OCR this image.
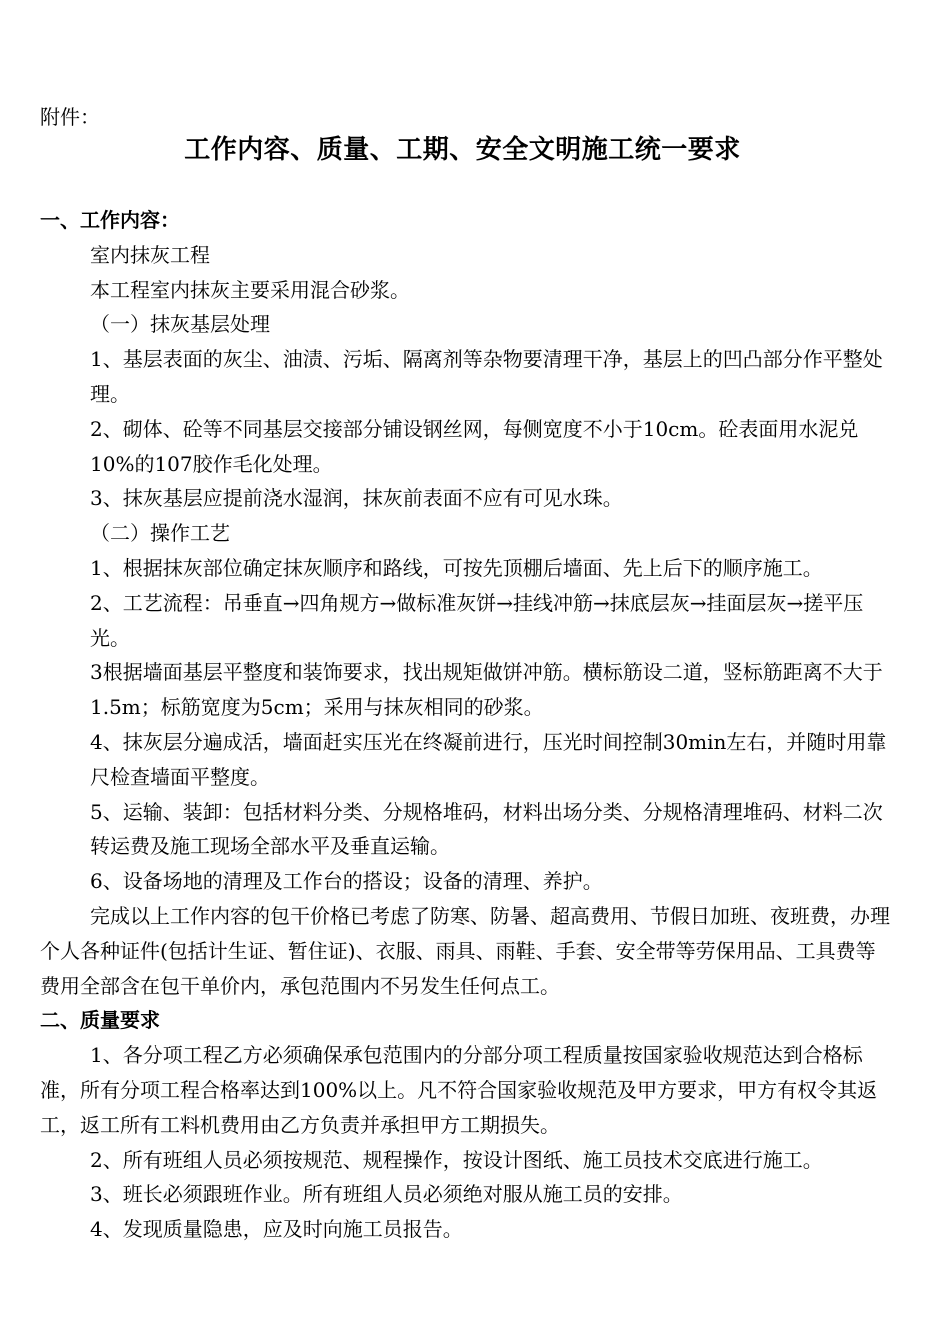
附件：
工作内容、质量、工期、安全文明施工统一要求

一、工作内容：

室内抹灰工程

本工程室内抹灰主要采用混合砂浆。

（一）抹灰基层处理

1、基层表面的灰尘、油渍、污垢、隔离剂等杂物要清理干净，基层上的凹凸部分作平整处理。

2、砌体、砼等不同基层交接部分铺设钢丝网，每侧宽度不小于10cm。砼表面用水泥兑10%的107胶作毛化处理。

3、抹灰基层应提前浇水湿润，抹灰前表面不应有可见水珠。

（二）操作工艺

1、根据抹灰部位确定抹灰顺序和路线，可按先顶棚后墙面、先上后下的顺序施工。

2、工艺流程：吊垂直→四角规方→做标准灰饼→挂线冲筋→抹底层灰→挂面层灰→搓平压光。

3根据墙面基层平整度和装饰要求，找出规矩做饼冲筋。横标筋设二道，竖标筋距离不大于1.5m；标筋宽度为5cm；采用与抹灰相同的砂浆。

4、抹灰层分遍成活，墙面赶实压光在终凝前进行，压光时间控制30min左右，并随时用靠尺检查墙面平整度。

5、运输、装卸：包括材料分类、分规格堆码，材料出场分类、分规格清理堆码、材料二次转运费及施工现场全部水平及垂直运输。

6、设备场地的清理及工作台的搭设；设备的清理、养护。

完成以上工作内容的包干价格已考虑了防寒、防暑、超高费用、节假日加班、夜班费，办理个人各种证件(包括计生证、暂住证)、衣服、雨具、雨鞋、手套、安全带等劳保用品、工具费等费用全部含在包干单价内，承包范围内不另发生任何点工。

二、质量要求

1、各分项工程乙方必须确保承包范围内的分部分项工程质量按国家验收规范达到合格标准，所有分项工程合格率达到100%以上。凡不符合国家验收规范及甲方要求，甲方有权令其返工，返工所有工料机费用由乙方负责并承担甲方工期损失。

2、所有班组人员必须按规范、规程操作，按设计图纸、施工员技术交底进行施工。

3、班长必须跟班作业。所有班组人员必须绝对服从施工员的安排。

4、发现质量隐患，应及时向施工员报告。
